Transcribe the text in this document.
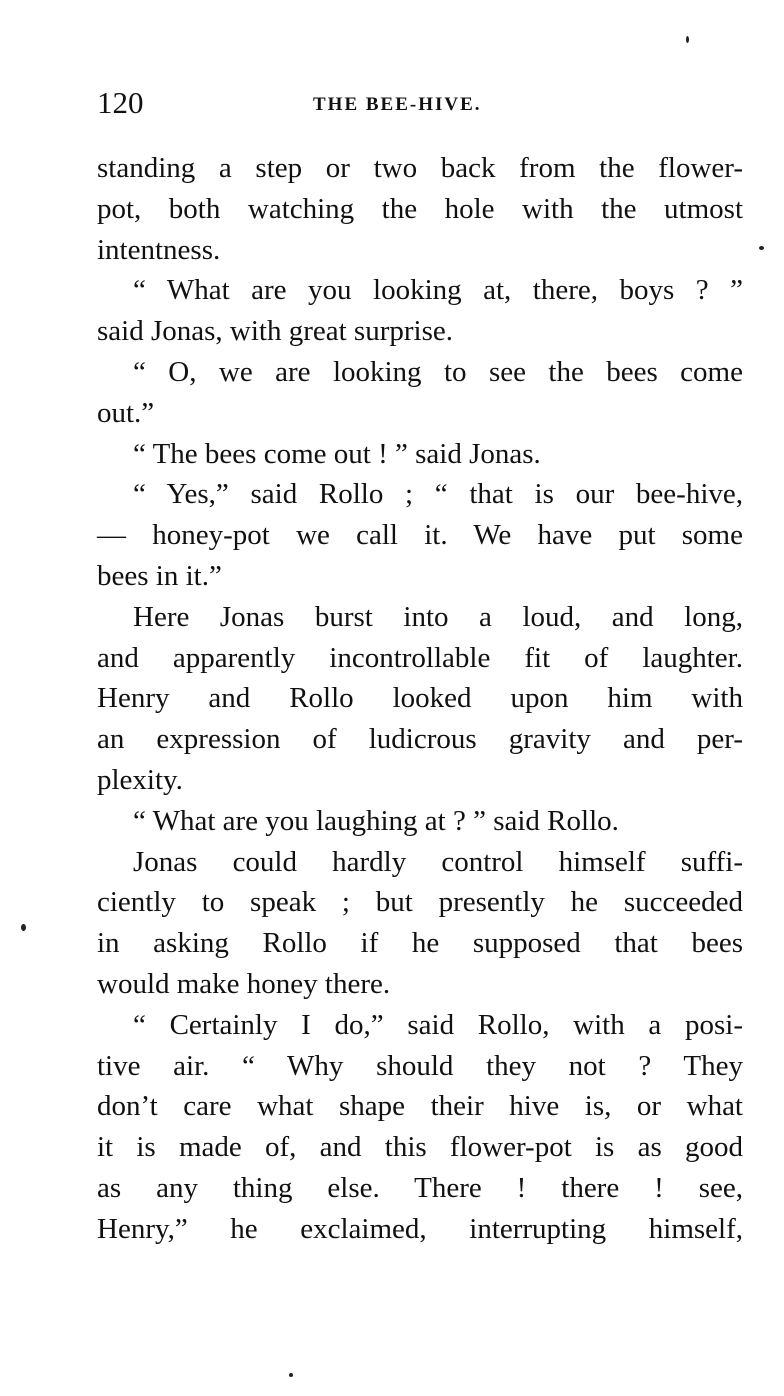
120	THE BEE-HIVE.
standing a step or two back from the flower-
pot, both watching the hole with the utmost
intentness.
“ What are you looking at, there, boys ? ”
said Jonas, with great surprise.
“ O, we are looking to see the bees come
out.”
“ The bees come out ! ” said Jonas.
“ Yes,” said Rollo ; “ that is our bee-hive,
— honey-pot we call it. We have put some
bees in it.”
Here Jonas burst into a loud, and long,
and apparently incontrollable fit of laughter.
Henry and Rollo looked upon him with
an expression of ludicrous gravity and per-
plexity.
“ What are you laughing at ? ” said Rollo.
Jonas could hardly control himself suffi-
ciently to speak ; but presently he succeeded
in asking Rollo if he supposed that bees
would make honey there.
“ Certainly I do,” said Rollo, with a posi-
tive air. “ Why should they not ? They
don’t care what shape their hive is, or what
it is made of, and this flower-pot is as good
as any thing else. There ! there ! see,
Henry,” he exclaimed, interrupting himself,
